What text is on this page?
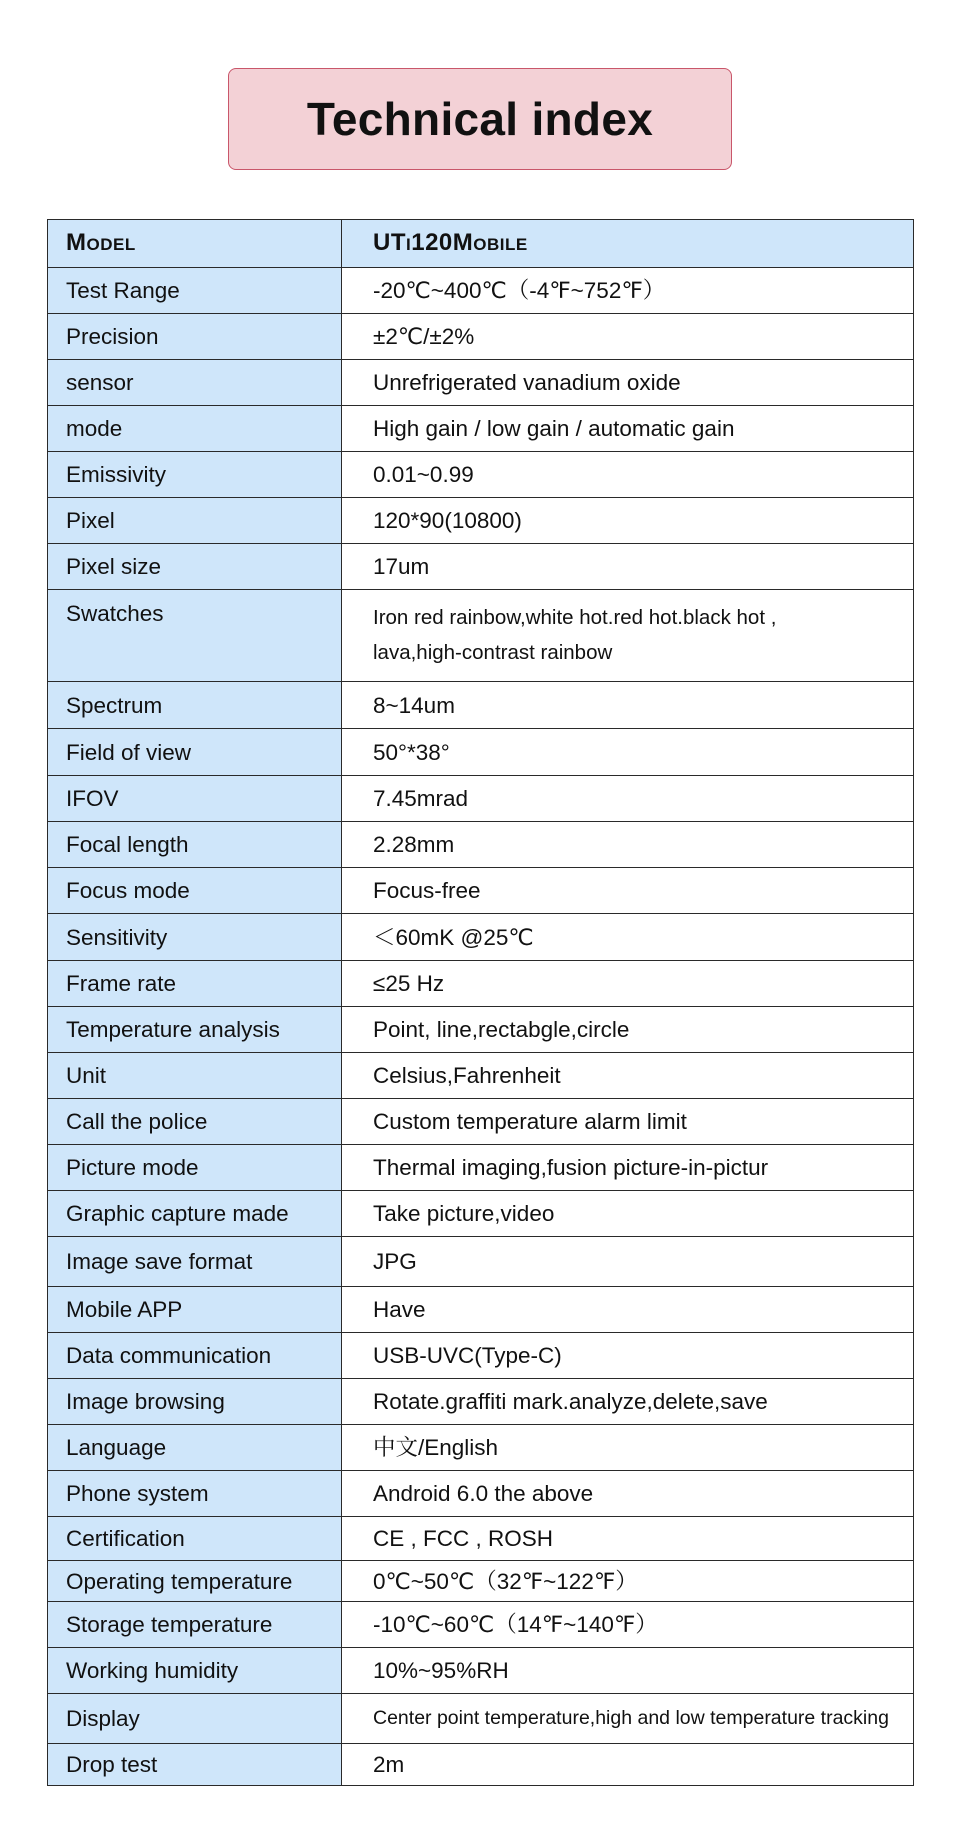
Technical index
Model	UTi120Mobile
Test Range	-20℃~400℃（-4℉~752℉）
Precision	±2℃/±2%
sensor	Unrefrigerated vanadium oxide
mode	High gain / low gain / automatic gain
Emissivity	0.01~0.99
Pixel	120*90(10800)
Pixel size	17um
Swatches	Iron red rainbow,white hot.red hot.black hot ,
lava,high-contrast rainbow

Spectrum	8~14um
Field of view	50°*38°
IFOV	7.45mrad
Focal length	2.28mm
Focus mode	Focus-free
Sensitivity	＜60mK @25℃
Frame rate	≤25 Hz
Temperature analysis	Point, line,rectabgle,circle
Unit	Celsius,Fahrenheit
Call the police	Custom temperature alarm limit
Picture mode	Thermal imaging,fusion picture-in-pictur
Graphic capture made	Take picture,video
Image save format	JPG
Mobile APP	Have
Data communication	USB-UVC(Type-C)
Image browsing	Rotate.graffiti mark.analyze,delete,save
Language	中文/English
Phone system	Android 6.0 the above
Certification	CE , FCC , ROSH
Operating temperature	0℃~50℃（32℉~122℉）
Storage temperature	-10℃~60℃（14℉~140℉）
Working humidity	10%~95%RH
Display	Center point temperature,high and low temperature tracking
Drop test	2m
